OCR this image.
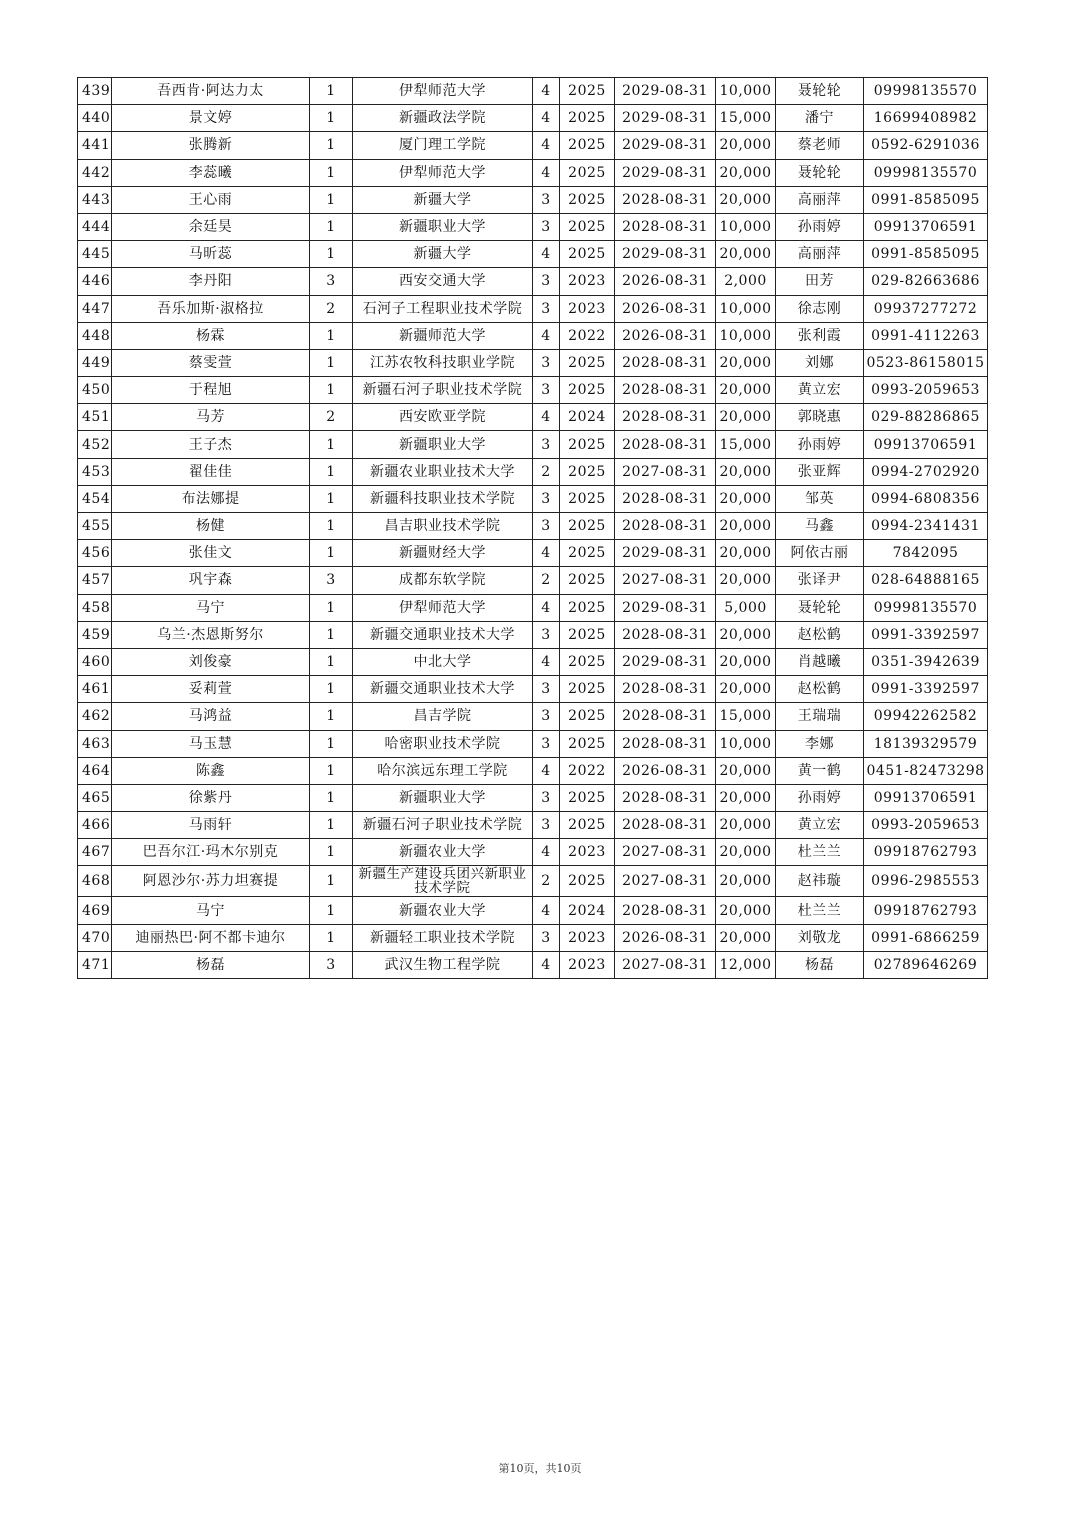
439	吾西肯·阿达力太	1	伊犁师范大学	4	2025	2029-08-31	10,000	聂轮轮	09998135570
440	景文婷	1	新疆政法学院	4	2025	2029-08-31	15,000	潘宁	16699408982
441	张腾新	1	厦门理工学院	4	2025	2029-08-31	20,000	蔡老师	0592-6291036
442	李蕊曦	1	伊犁师范大学	4	2025	2029-08-31	20,000	聂轮轮	09998135570
443	王心雨	1	新疆大学	3	2025	2028-08-31	20,000	高丽萍	0991-8585095
444	余廷昊	1	新疆职业大学	3	2025	2028-08-31	10,000	孙雨婷	09913706591
445	马昕蕊	1	新疆大学	4	2025	2029-08-31	20,000	高丽萍	0991-8585095
446	李丹阳	3	西安交通大学	3	2023	2026-08-31	2,000	田芳	029-82663686
447	吾乐加斯·淑格拉	2	石河子工程职业技术学院	3	2023	2026-08-31	10,000	徐志刚	09937277272
448	杨霖	1	新疆师范大学	4	2022	2026-08-31	10,000	张利霞	0991-4112263
449	蔡雯萱	1	江苏农牧科技职业学院	3	2025	2028-08-31	20,000	刘娜	0523-86158015
450	于程旭	1	新疆石河子职业技术学院	3	2025	2028-08-31	20,000	黄立宏	0993-2059653
451	马芳	2	西安欧亚学院	4	2024	2028-08-31	20,000	郭晓惠	029-88286865
452	王子杰	1	新疆职业大学	3	2025	2028-08-31	15,000	孙雨婷	09913706591
453	翟佳佳	1	新疆农业职业技术大学	2	2025	2027-08-31	20,000	张亚辉	0994-2702920
454	布法娜提	1	新疆科技职业技术学院	3	2025	2028-08-31	20,000	邹英	0994-6808356
455	杨健	1	昌吉职业技术学院	3	2025	2028-08-31	20,000	马鑫	0994-2341431
456	张佳文	1	新疆财经大学	4	2025	2029-08-31	20,000	阿依古丽	7842095
457	巩宇森	3	成都东软学院	2	2025	2027-08-31	20,000	张译尹	028-64888165
458	马宁	1	伊犁师范大学	4	2025	2029-08-31	5,000	聂轮轮	09998135570
459	乌兰·杰恩斯努尔	1	新疆交通职业技术大学	3	2025	2028-08-31	20,000	赵松鹤	0991-3392597
460	刘俊豪	1	中北大学	4	2025	2029-08-31	20,000	肖越曦	0351-3942639
461	妥莉萱	1	新疆交通职业技术大学	3	2025	2028-08-31	20,000	赵松鹤	0991-3392597
462	马鸿益	1	昌吉学院	3	2025	2028-08-31	15,000	王瑞瑞	09942262582
463	马玉慧	1	哈密职业技术学院	3	2025	2028-08-31	10,000	李娜	18139329579
464	陈鑫	1	哈尔滨远东理工学院	4	2022	2026-08-31	20,000	黄一鹤	0451-82473298
465	徐紫丹	1	新疆职业大学	3	2025	2028-08-31	20,000	孙雨婷	09913706591
466	马雨轩	1	新疆石河子职业技术学院	3	2025	2028-08-31	20,000	黄立宏	0993-2059653
467	巴吾尔江·玛木尔别克	1	新疆农业大学	4	2023	2027-08-31	20,000	杜兰兰	09918762793
468	阿恩沙尔·苏力坦赛提	1	新疆生产建设兵团兴新职业技术学院	2	2025	2027-08-31	20,000	赵祎璇	0996-2985553
469	马宁	1	新疆农业大学	4	2024	2028-08-31	20,000	杜兰兰	09918762793
470	迪丽热巴·阿不都卡迪尔	1	新疆轻工职业技术学院	3	2023	2026-08-31	20,000	刘敬龙	0991-6866259
471	杨磊	3	武汉生物工程学院	4	2023	2027-08-31	12,000	杨磊	02789646269
第10页，共10页
